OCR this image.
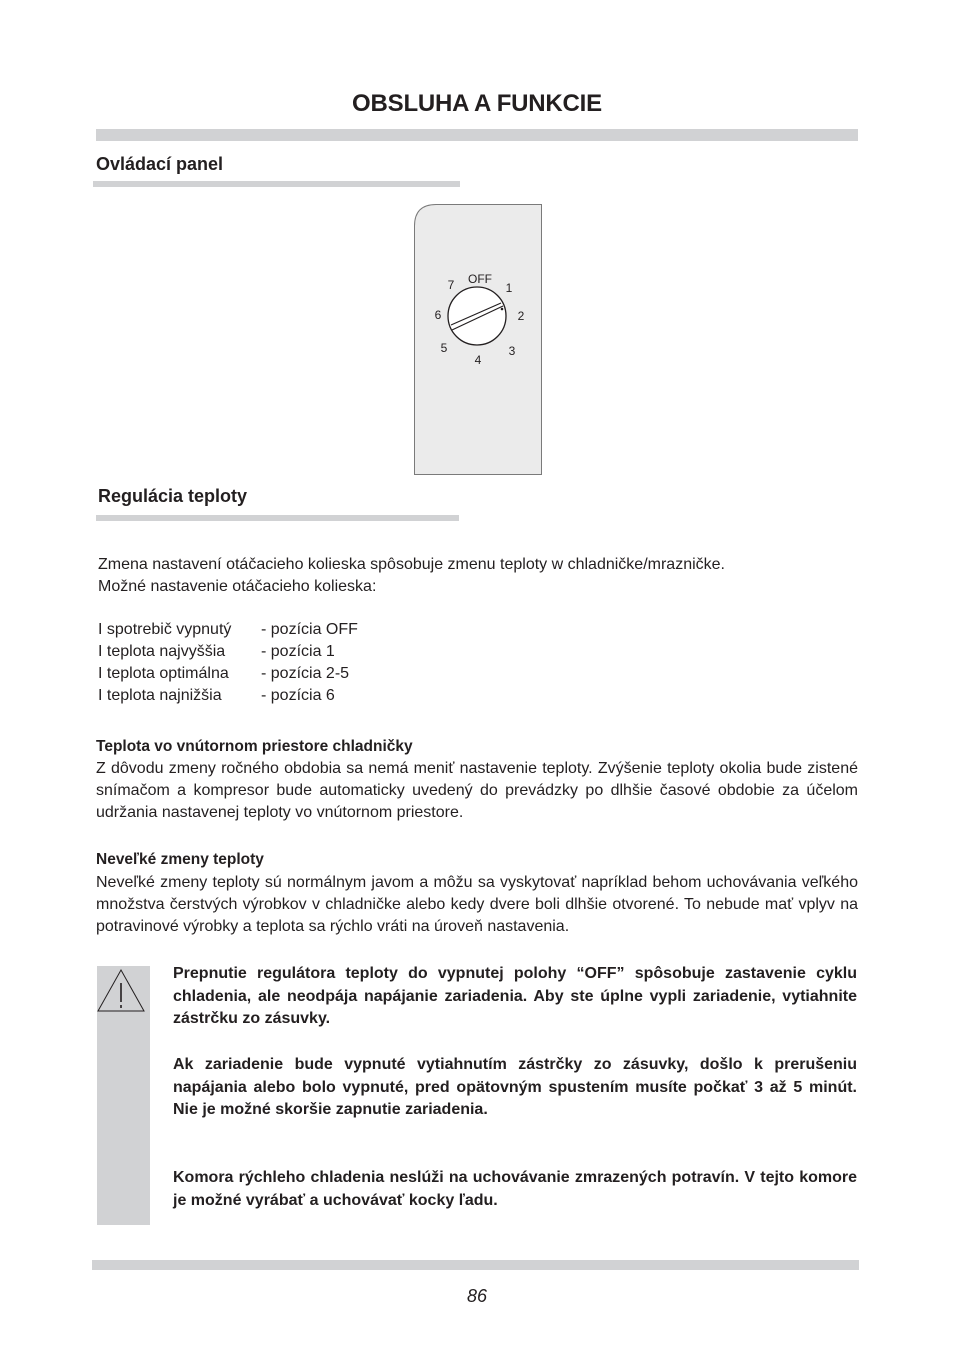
OBSLUHA A FUNKCIE
Ovládací panel
OFF
1
2
3
4
5
6
7
Regulácia teploty
Zmena nastavení otáčacieho kolieska spôsobuje zmenu teploty w chladničke/mrazničke.
Možné nastavenie otáčacieho kolieska:
I spotrebič vypnutý - pozícia OFF
I teplota najvyššia - pozícia 1
I teplota optimálna - pozícia 2-5
I teplota najnižšia - pozícia 6
Teplota vo vnútornom priestore chladničky
Z dôvodu zmeny ročného obdobia sa nemá meniť nastavenie teploty. Zvýšenie teploty okolia bude zistené snímačom a kompresor bude automaticky uvedený do prevádzky po dlhšie časové obdobie za účelom udržania nastavenej teploty vo vnútornom priestore.
Neveľké zmeny teploty
Neveľké zmeny teploty sú normálnym javom a môžu sa vyskytovať napríklad behom uchovávania veľkého množstva čerstvých výrobkov v chladničke alebo kedy dvere boli dlhšie otvorené. To nebude mať vplyv na potravinové výrobky a teplota sa rýchlo vráti na úroveň nastavenia.
Prepnutie regulátora teploty do vypnutej polohy “OFF” spôsobuje zastavenie cyklu chladenia, ale neodpája napájanie zariadenia. Aby ste úplne vypli zariadenie, vytiahnite zástrčku zo zásuvky.
Ak zariadenie bude vypnuté vytiahnutím zástrčky zo zásuvky, došlo k prerušeniu napájania alebo bolo vypnuté, pred opätovným spustením musíte počkať 3 až 5 minút. Nie je možné skoršie zapnutie zariadenia.
Komora rýchleho chladenia neslúži na uchovávanie zmrazených potravín. V tejto komore je možné vyrábať a uchovávať kocky ľadu.
86
